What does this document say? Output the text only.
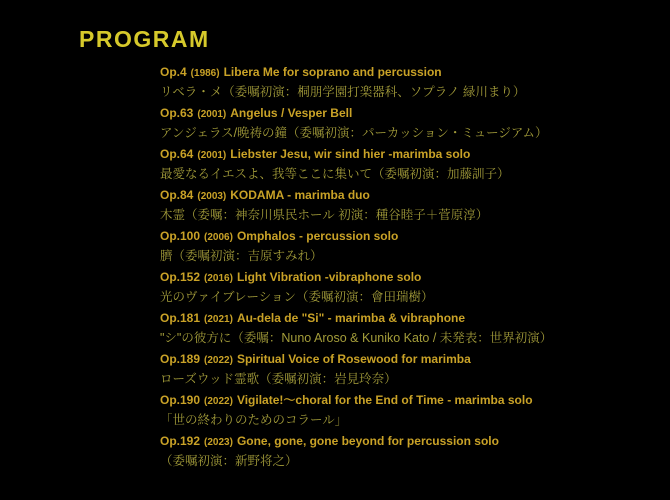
PROGRAM
Op.4 (1986) Libera Me for soprano and percussion
リベラ・メ（委嘱初演：桐朋学園打楽器科、ソプラノ 緑川まり）
Op.63 (2001) Angelus / Vesper Bell
アンジェラス/晩祷の鐘（委嘱初演：パーカッション・ミュージアム）
Op.64 (2001) Liebster Jesu, wir sind hier -marimba solo
最愛なるイエスよ、我等ここに集いて（委嘱初演：加藤訓子）
Op.84 (2003) KODAMA - marimba duo
木霊（委嘱：神奈川県民ホール 初演：種谷睦子＋菅原淳）
Op.100 (2006) Omphalos - percussion solo
臍（委嘱初演：吉原すみれ）
Op.152 (2016) Light Vibration -vibraphone solo
光のヴァイブレーション（委嘱初演：會田瑞樹）
Op.181 (2021) Au-dela de "Si" - marimba & vibraphone
"シ"の彼方に（委嘱：Nuno Aroso & Kuniko Kato / 未発表：世界初演）
Op.189 (2022) Spiritual Voice of Rosewood for marimba
ローズウッド霊歌（委嘱初演：岩見玲奈）
Op.190 (2022) Vigilate!～choral for the End of Time - marimba solo
「世の終わりのためのコラール」
Op.192 (2023) Gone, gone, gone beyond for percussion solo
（委嘱初演：新野将之）
